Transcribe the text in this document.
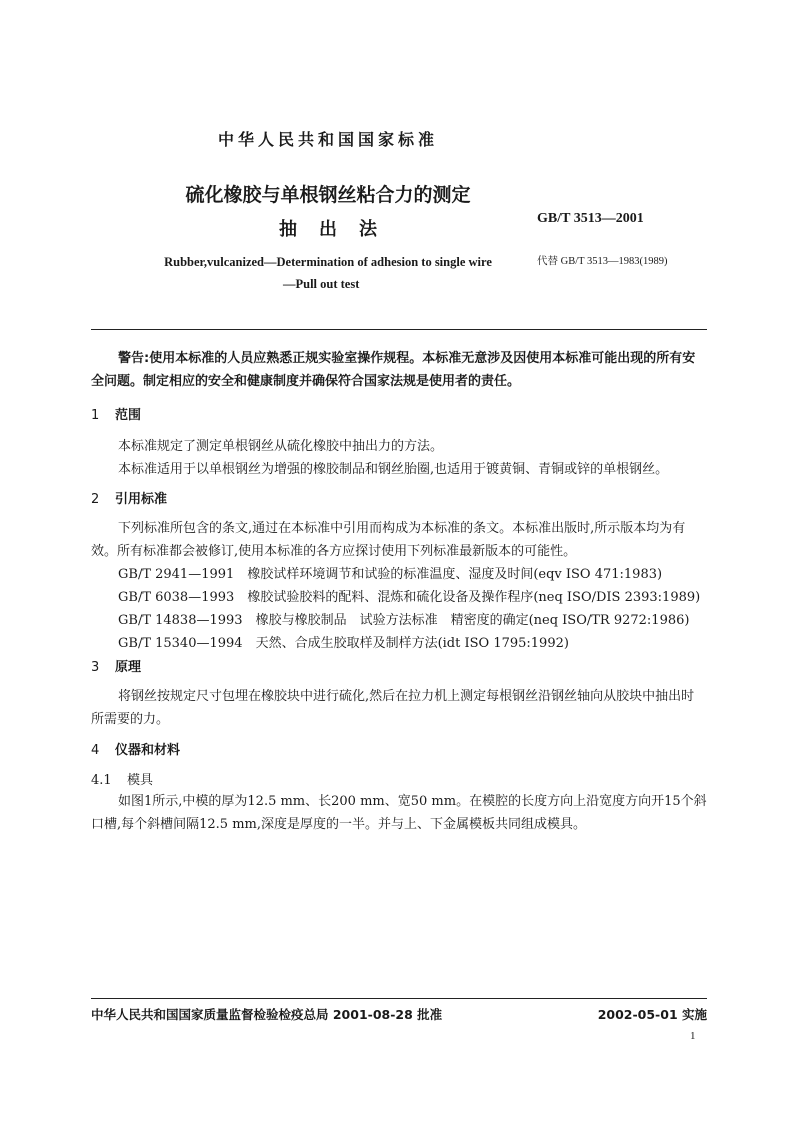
中华人民共和国国家标准
硫化橡胶与单根钢丝粘合力的测定
抽出法
GB/T 3513—2001
Rubber,vulcanized—Determination of adhesion to single wire
—Pull out test
代替 GB/T 3513—1983(1989)
警告:使用本标准的人员应熟悉正规实验室操作规程。本标准无意涉及因使用本标准可能出现的所有安全问题。制定相应的安全和健康制度并确保符合国家法规是使用者的责任。
1 范围
本标准规定了测定单根钢丝从硫化橡胶中抽出力的方法。
本标准适用于以单根钢丝为增强的橡胶制品和钢丝胎圈,也适用于镀黄铜、青铜或锌的单根钢丝。
2 引用标准
下列标准所包含的条文,通过在本标准中引用而构成为本标准的条文。本标准出版时,所示版本均为有效。所有标准都会被修订,使用本标准的各方应探讨使用下列标准最新版本的可能性。
GB/T 2941—1991　 橡胶试样环境调节和试验的标准温度、湿度及时间(eqv ISO 471:1983)
GB/T 6038—1993　 橡胶试验胶料的配料、混炼和硫化设备及操作程序(neq ISO/DIS 2393:1989)
GB/T 14838—1993　 橡胶与橡胶制品　试验方法标准　精密度的确定(neq ISO/TR 9272:1986)
GB/T 15340—1994　 天然、合成生胶取样及制样方法(idt ISO 1795:1992)
3 原理
将钢丝按规定尺寸包埋在橡胶块中进行硫化,然后在拉力机上测定每根钢丝沿钢丝轴向从胶块中抽出时所需要的力。
4 仪器和材料
4.1 模具
如图1所示,中模的厚为12.5 mm、长200 mm、宽50 mm。在模腔的长度方向上沿宽度方向开15个斜口槽,每个斜槽间隔12.5 mm,深度是厚度的一半。并与上、下金属模板共同组成模具。
中华人民共和国国家质量监督检验检疫总局 2001-08-28 批准	2002-05-01 实施
1
